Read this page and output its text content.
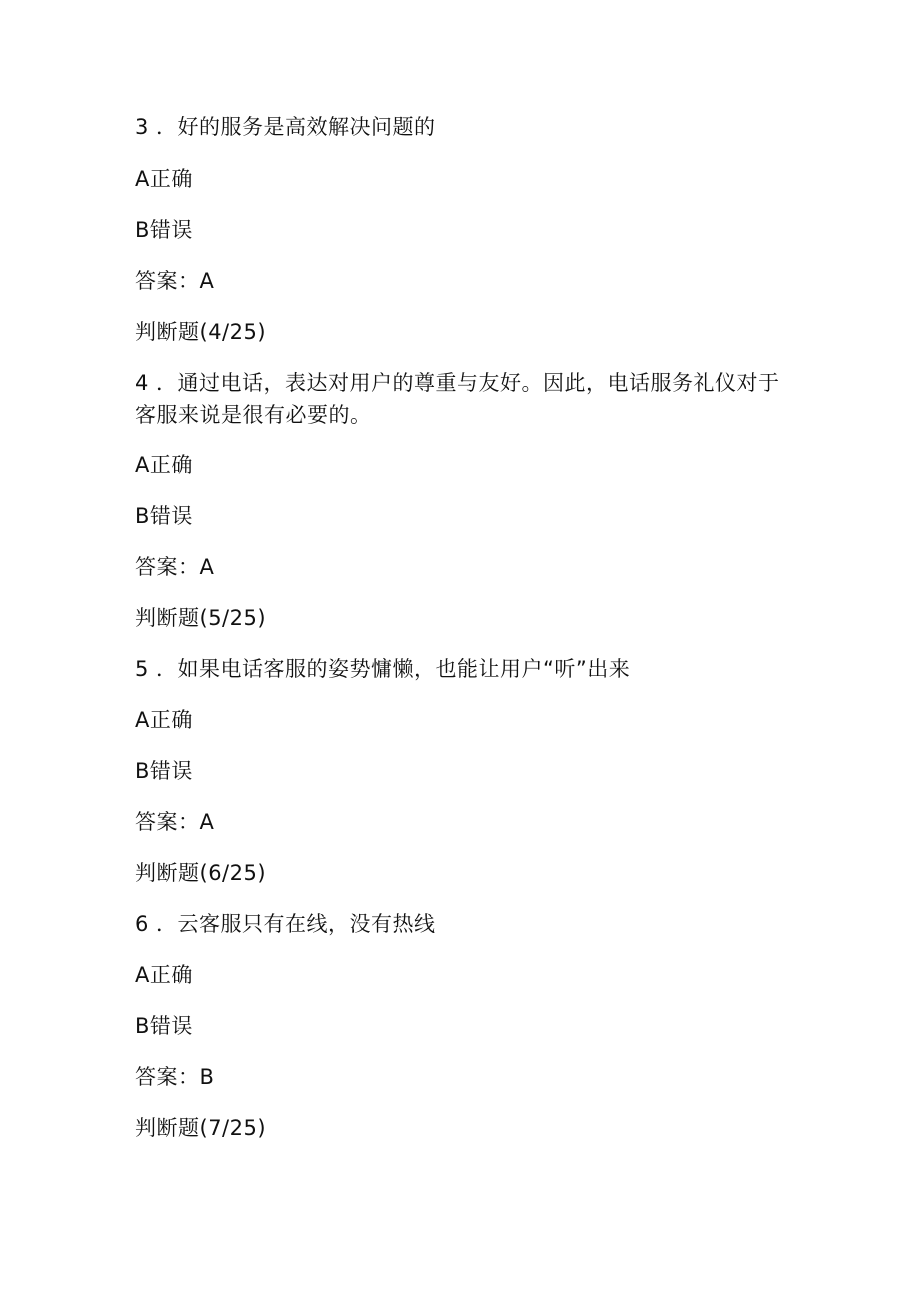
3 ．好的服务是高效解决问题的
A正确
B错误
答案：A
判断题(4/25)
4 ．通过电话，表达对用户的尊重与友好。因此，电话服务礼仪对于客服来说是很有必要的。
A正确
B错误
答案：A
判断题(5/25)
5 ．如果电话客服的姿势慵懒，也能让用户“听”出来
A正确
B错误
答案：A
判断题(6/25)
6 ．云客服只有在线，没有热线
A正确
B错误
答案：B
判断题(7/25)
